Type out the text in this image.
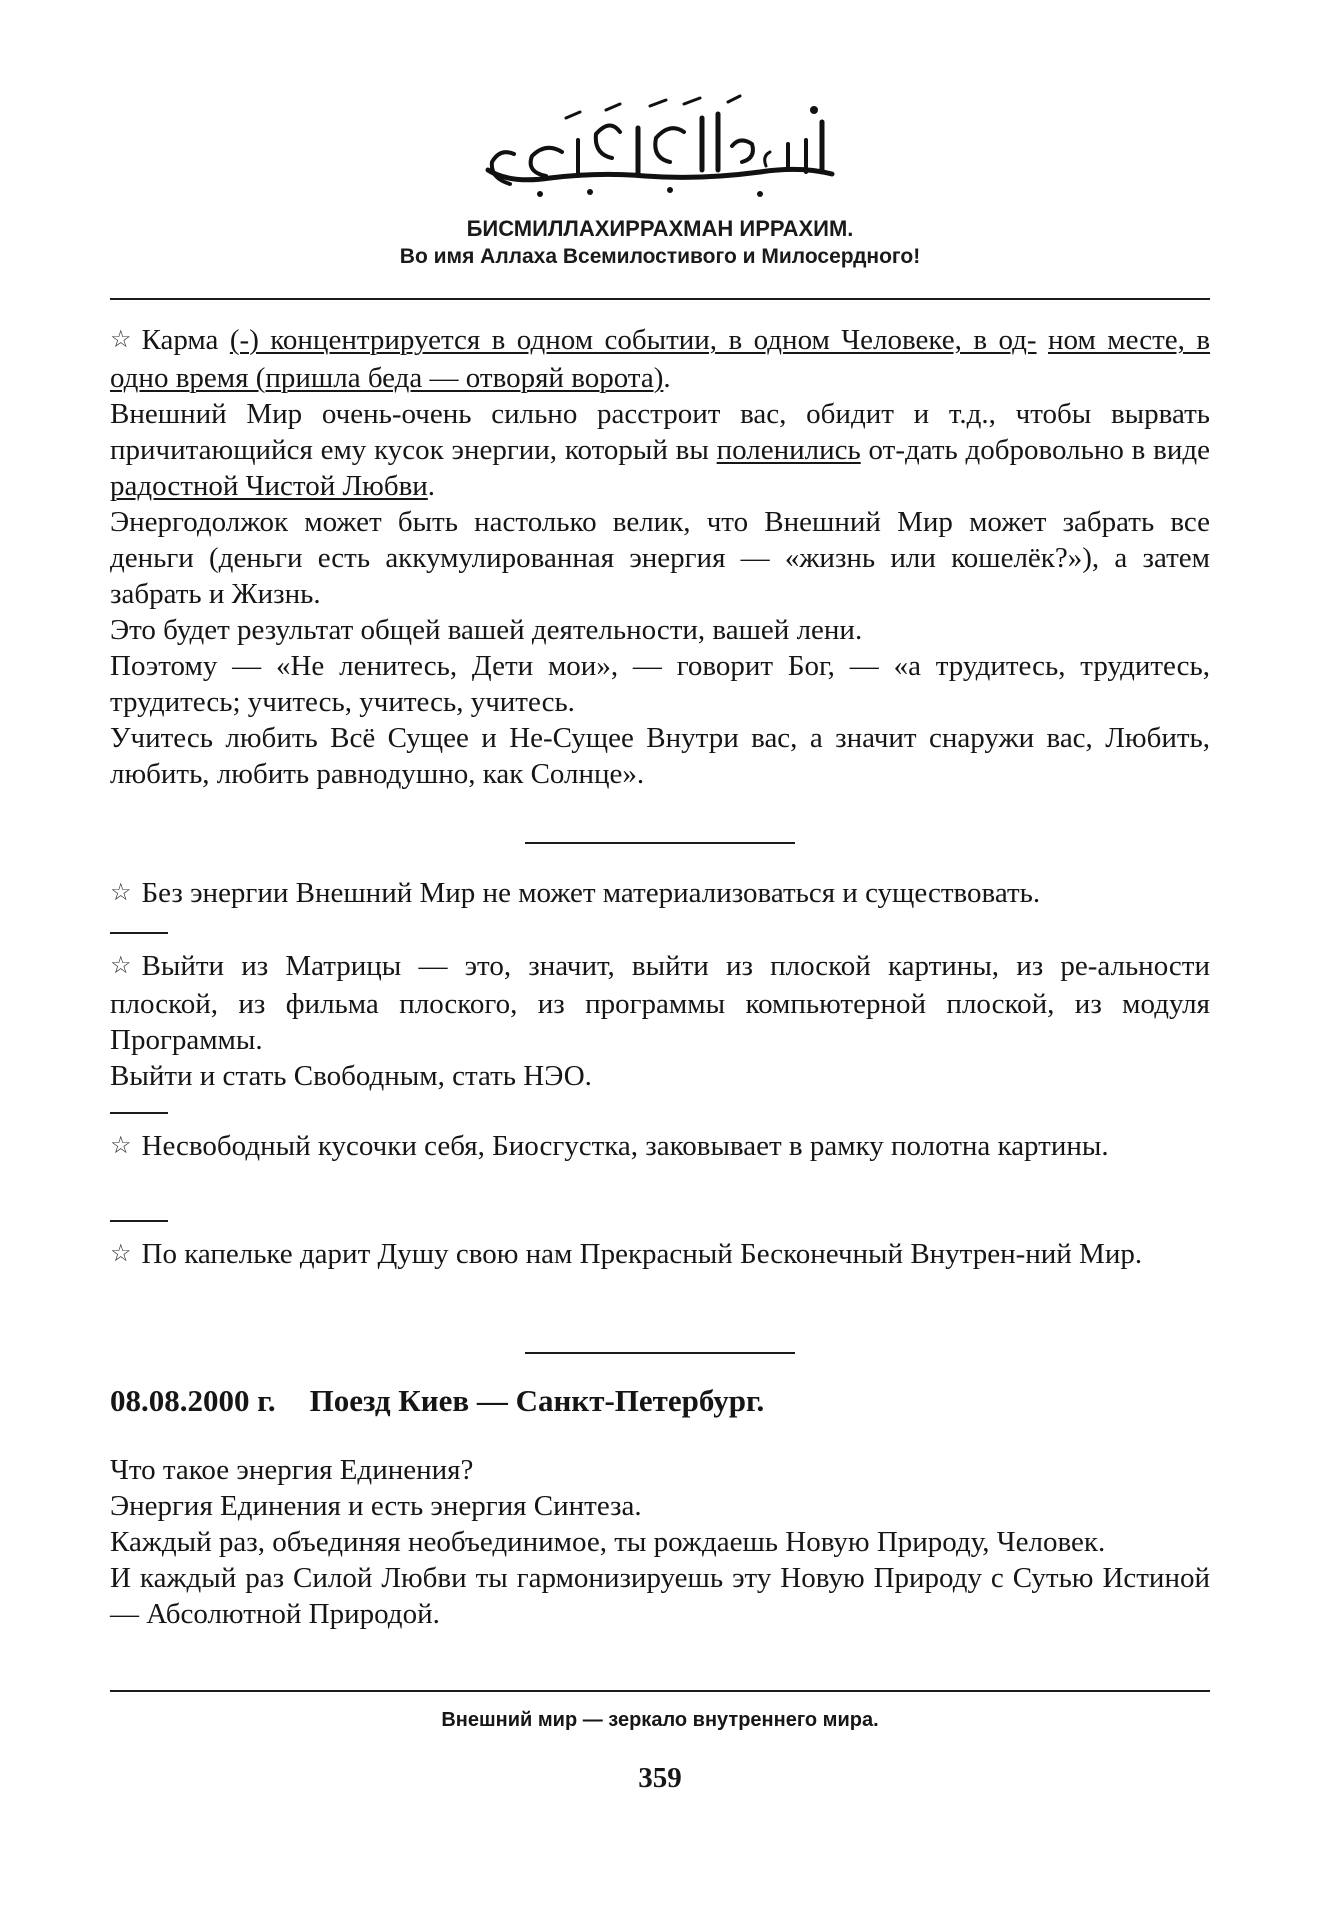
БИСМИЛЛАХИРРАХМАН ИРРАХИМ.
Во имя Аллаха Всемилостивого и Милосердного!

☆ Карма (-) концентрируется в одном событии, в одном Человеке, в од- ном месте, в одно время (пришла беда — отворяй ворота).

Внешний Мир очень-очень сильно расстроит вас, обидит и т.д., чтобы вырвать причитающийся ему кусок энергии, который вы поленились от-дать добровольно в виде радостной Чистой Любви.

Энергодолжок может быть настолько велик, что Внешний Мир может забрать все деньги (деньги есть аккумулированная энергия — «жизнь или кошелёк?»), а затем забрать и Жизнь.

Это будет результат общей вашей деятельности, вашей лени.

Поэтому — «Не ленитесь, Дети мои», — говорит Бог, — «а трудитесь, трудитесь, трудитесь; учитесь, учитесь, учитесь.

Учитесь любить Всё Сущее и Не-Сущее Внутри вас, а значит снаружи вас, Любить, любить, любить равнодушно, как Солнце».

☆ Без энергии Внешний Мир не может материализоваться и существовать.

☆ Выйти из Матрицы — это, значит, выйти из плоской картины, из ре-альности плоской, из фильма плоского, из программы компьютерной плоской, из модуля Программы.

Выйти и стать Свободным, стать НЭО.

☆ Несвободный кусочки себя, Биосгустка, заковывает в рамку полотна картины.

☆ По капельке дарит Душу свою нам Прекрасный Бесконечный Внутрен-ний Мир.

08.08.2000 г. Поезд Киев — Санкт-Петербург.

Что такое энергия Единения?

Энергия Единения и есть энергия Синтеза.

Каждый раз, объединяя необъединимое, ты рождаешь Новую Природу, Человек.

И каждый раз Силой Любви ты гармонизируешь эту Новую Природу с Сутью Истиной — Абсолютной Природой.

Внешний мир — зеркало внутреннего мира.
359
